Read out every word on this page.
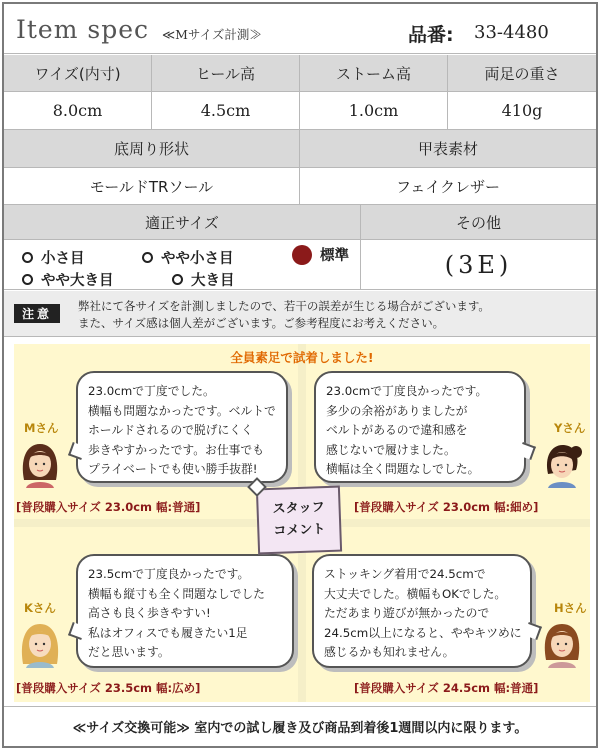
Item spec ≪Mサイズ計測≫	品番: 33-4480
ワイズ(内寸)	ヒール高	ストーム高	両足の重さ
8.0cm	4.5cm	1.0cm	410g
底周り形状	甲表素材
モールドTRソール	フェイクレザー
適正サイズ	その他
小さ目	やや小さ目	標準
やや大き目	大き目
(3E)
注意
弊社にて各サイズを計測しましたので、若干の誤差が生じる場合がございます。
また、サイズ感は個人差がございます。ご参考程度にお考えください。
全員素足で試着しました!
23.0cmで丁度でした。
横幅も問題なかったです。ベルトで
ホールドされるので脱げにくく
歩きやすかったです。お仕事でも
プライベートでも使い勝手抜群!
Mさん
[普段購入サイズ 23.0cm 幅:普通]
23.0cmで丁度良かったです。
多少の余裕がありましたが
ベルトがあるので違和感を
感じないで履けました。
横幅は全く問題なしでした。
Yさん
[普段購入サイズ 23.0cm 幅:細め]
23.5cmで丁度良かったです。
横幅も縦寸も全く問題なしでした
高さも良く歩きやすい!
私はオフィスでも履きたい1足
だと思います。
Kさん
[普段購入サイズ 23.5cm 幅:広め]
ストッキング着用で24.5cmで
大丈夫でした。横幅もOKでした。
ただあまり遊びが無かったので
24.5cm以上になると、ややキツめに
感じるかも知れません。
Hさん
[普段購入サイズ 24.5cm 幅:普通]
スタッフ
コメント
≪サイズ交換可能≫ 室内での試し履き及び商品到着後1週間以内に限ります。
